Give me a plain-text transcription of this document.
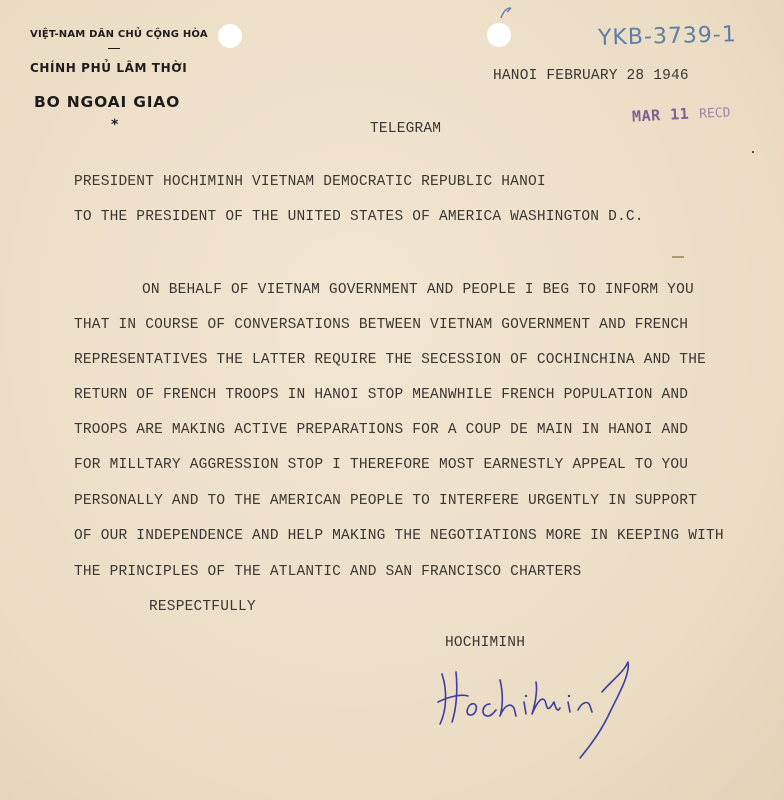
VIỆT-NAM DÂN CHỦ CỘNG HÒA
CHÍNH PHỦ LÂM THỜI
BO NGOAI GIAO
*
YKB-3739-1
HANOI FEBRUARY 28 1946
MAR 11 RECD
TELEGRAM
PRESIDENT HOCHIMINH VIETNAM DEMOCRATIC REPUBLIC HANOI
TO THE PRESIDENT OF THE UNITED STATES OF AMERICA WASHINGTON D.C.
ON BEHALF OF VIETNAM GOVERNMENT AND PEOPLE I BEG TO INFORM YOU
THAT IN COURSE OF CONVERSATIONS BETWEEN VIETNAM GOVERNMENT AND FRENCH
REPRESENTATIVES THE LATTER REQUIRE THE SECESSION OF COCHINCHINA AND THE
RETURN OF FRENCH TROOPS IN HANOI STOP MEANWHILE FRENCH POPULATION AND
TROOPS ARE MAKING ACTIVE PREPARATIONS FOR A COUP DE MAIN IN HANOI AND
FOR MILLTARY AGGRESSION STOP I THEREFORE MOST EARNESTLY APPEAL TO YOU
PERSONALLY AND TO THE AMERICAN PEOPLE TO INTERFERE URGENTLY IN SUPPORT
OF OUR INDEPENDENCE AND HELP MAKING THE NEGOTIATIONS MORE IN KEEPING WITH
THE PRINCIPLES OF THE ATLANTIC AND SAN FRANCISCO CHARTERS
RESPECTFULLY
HOCHIMINH
